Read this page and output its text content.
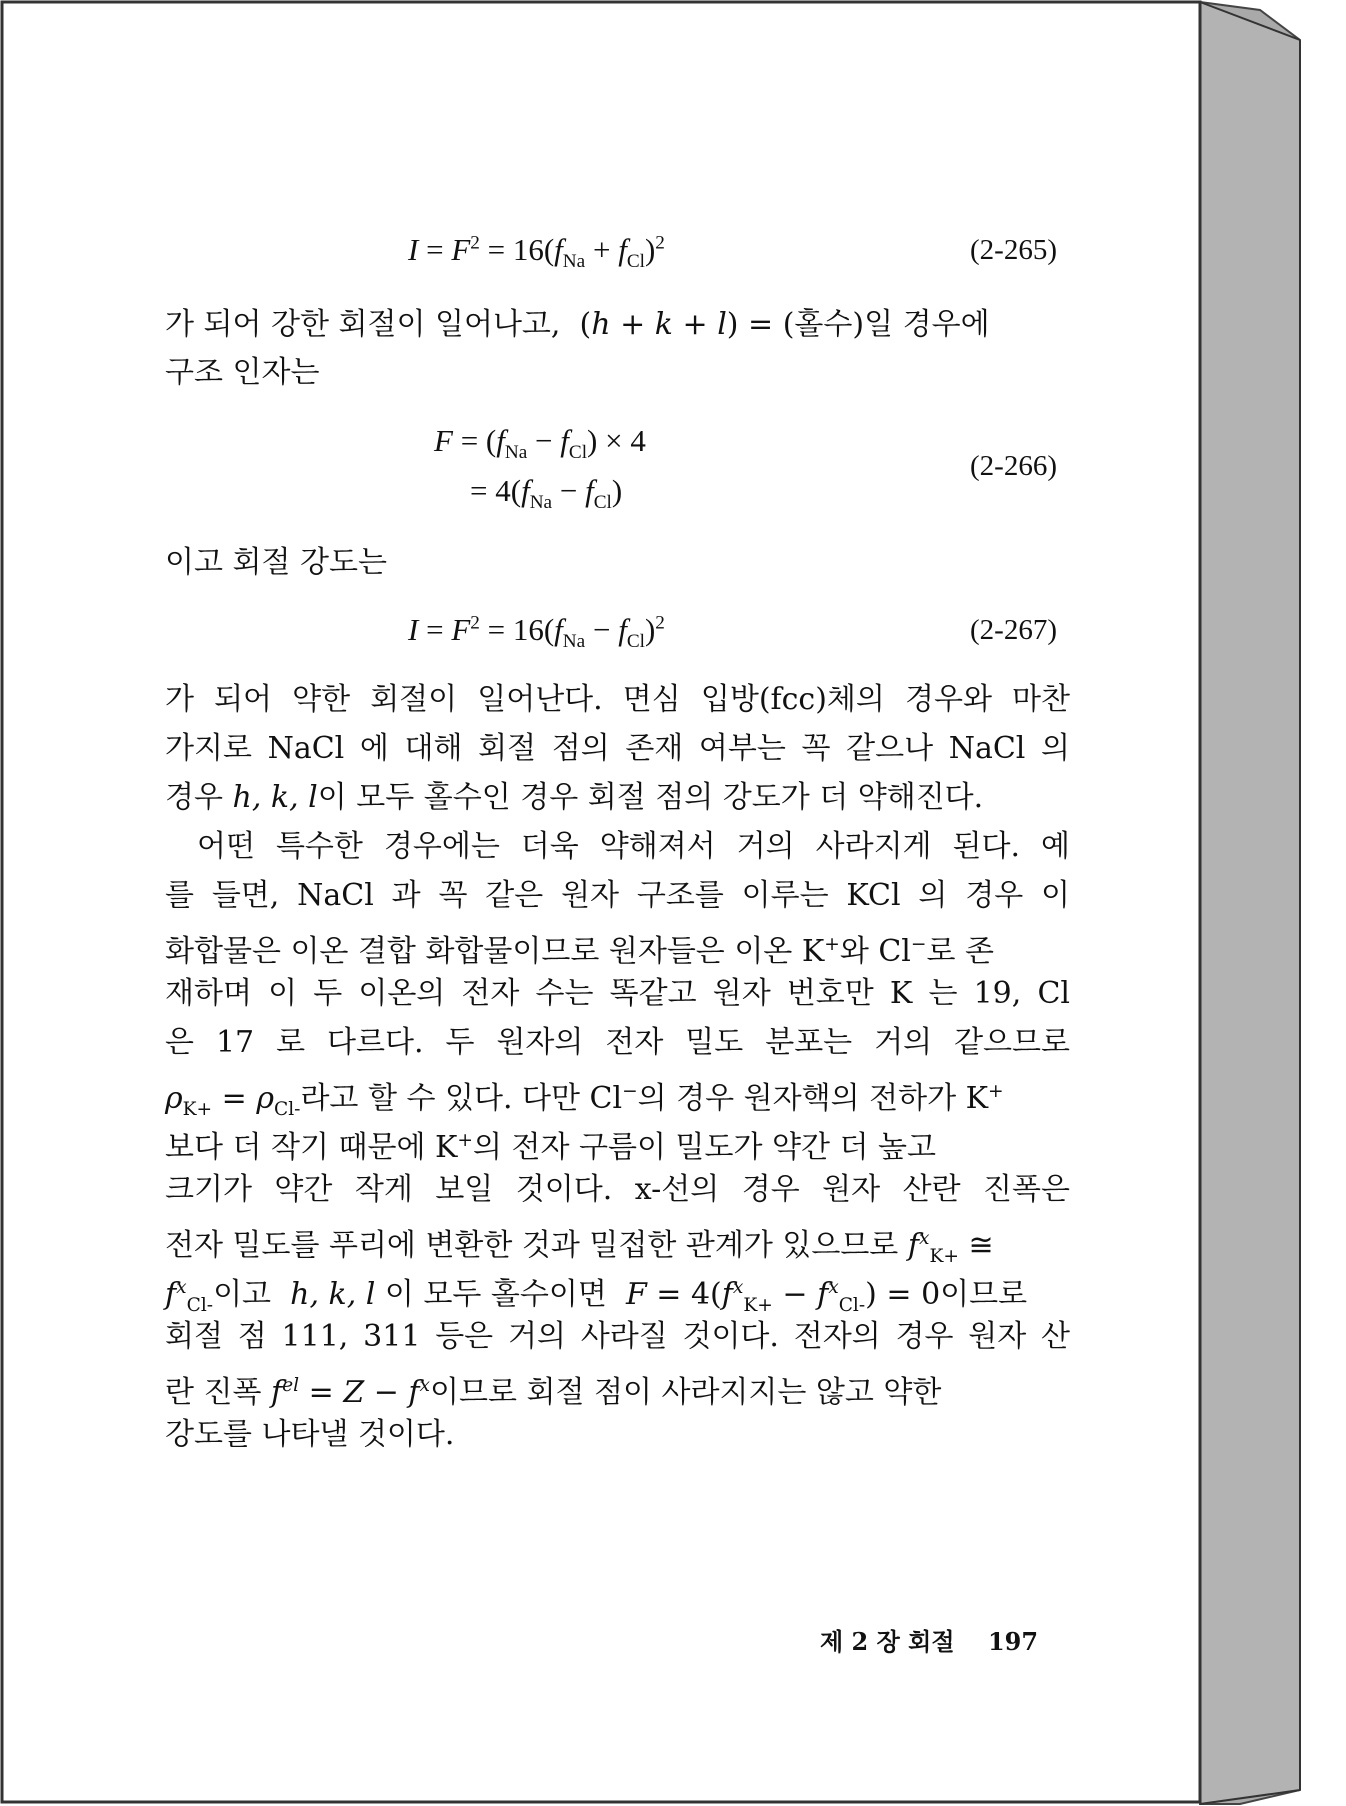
$I = F^2 = 16(f_{Na} + f_{Cl})^2$	(2-265)
가 되어 강한 회절이 일어나고,  (h + k + l) = (홀수)일 경우에
구조 인자는
$F = (f_{Na} - f_{Cl}) \times 4$
= $4(f_{Na} - f_{Cl})$
(2-266)
이고 회절 강도는
$I = F^2 = 16(f_{Na} - f_{Cl})^2$	(2-267)
가 되어 약한 회절이 일어난다. 면심 입방(fcc)체의 경우와 마찬
가지로 NaCl 에 대해 회절 점의 존재 여부는 꼭 같으나 NaCl 의
경우 h, k, l이 모두 홀수인 경우 회절 점의 강도가 더 약해진다.
어떤 특수한 경우에는 더욱 약해져서 거의 사라지게 된다. 예
를 들면, NaCl 과 꼭 같은 원자 구조를 이루는 KCl 의 경우 이
화합물은 이온 결합 화합물이므로 원자들은 이온 K+와 Cl−로 존
재하며 이 두 이온의 전자 수는 똑같고 원자 번호만 K 는 19, Cl
은 17 로 다르다. 두 원자의 전자 밀도 분포는 거의 같으므로
$\rho_{K+} = \rho_{Cl-}$라고 할 수 있다. 다만 Cl−의 경우 원자핵의 전하가 K+
보다 더 작기 때문에 K+의 전자 구름이 밀도가 약간 더 높고
크기가 약간 작게 보일 것이다. x-선의 경우 원자 산란 진폭은
전자 밀도를 푸리에 변환한 것과 밀접한 관계가 있으므로 $f^x_{K+}$ ≅
$f^x_{Cl-}$이고 h, k, l 이 모두 홀수이면 $F = 4(f^x_{K+} - f^x_{Cl-}) = 0$이므로
회절 점 111, 311 등은 거의 사라질 것이다. 전자의 경우 원자 산
란 진폭 $f^{el} = Z - f^x$이므로 회절 점이 사라지지는 않고 약한
강도를 나타낼 것이다.
제 2 장 회절 197
